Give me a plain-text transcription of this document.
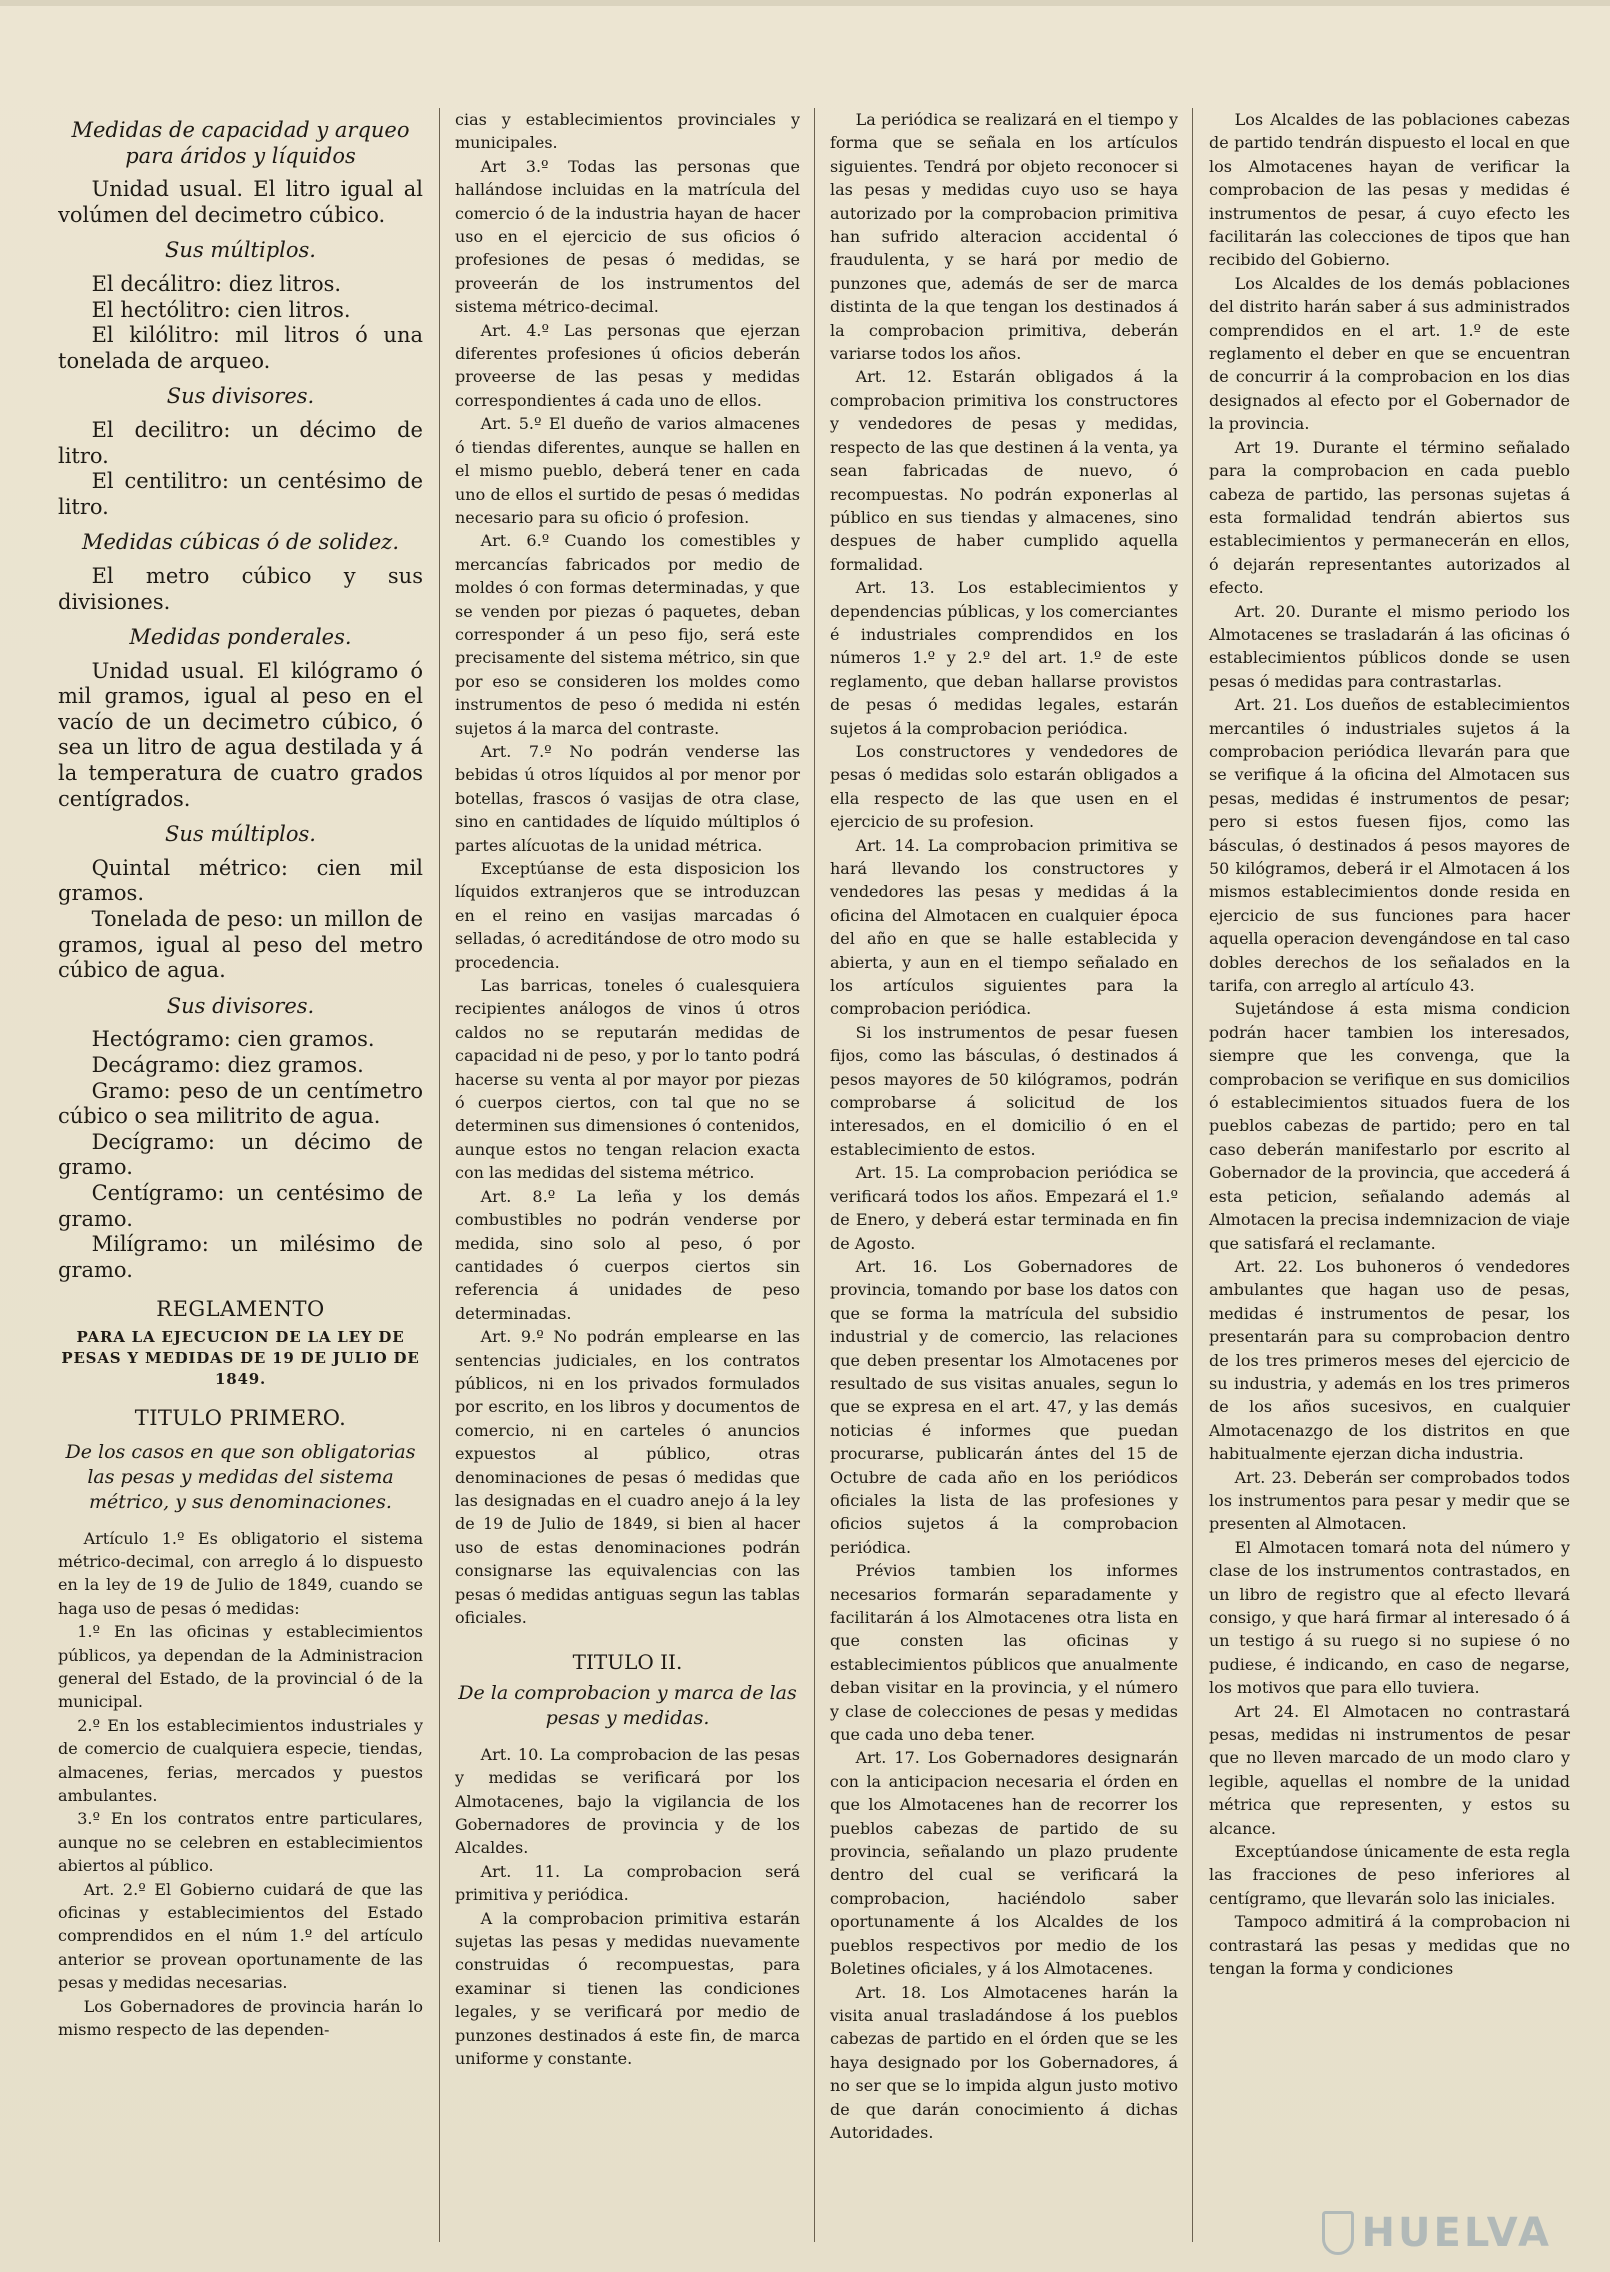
Medidas de capacidad y arqueo para áridos y líquidos

Unidad usual. El litro igual al volúmen del decimetro cúbico.

Sus múltiplos.

El decálitro: diez litros.

El hectólitro: cien litros.

El kilólitro: mil litros ó una tonelada de arqueo.

Sus divisores.

El decilitro: un décimo de litro.

El centilitro: un centésimo de litro.

Medidas cúbicas ó de solidez.

El metro cúbico y sus divisiones.

Medidas ponderales.

Unidad usual. El kilógramo ó mil gramos, igual al peso en el vacío de un decimetro cúbico, ó sea un litro de agua destilada y á la temperatura de cuatro grados centígrados.

Sus múltiplos.

Quintal métrico: cien mil gramos.

Tonelada de peso: un millon de gramos, igual al peso del metro cúbico de agua.

Sus divisores.

Hectógramo: cien gramos.

Decágramo: diez gramos.

Gramo: peso de un centímetro cúbico o sea militrito de agua.

Decígramo: un décimo de gramo.

Centígramo: un centésimo de gramo.

Milígramo: un milésimo de gramo.

REGLAMENTO

PARA LA EJECUCION DE LA LEY DE PESAS Y MEDIDAS DE 19 DE JULIO DE 1849.

TITULO PRIMERO.

De los casos en que son obligatorias las pesas y medidas del sistema métrico, y sus denominaciones.

Artículo 1.º Es obligatorio el sistema métrico-decimal, con arreglo á lo dispuesto en la ley de 19 de Julio de 1849, cuando se haga uso de pesas ó medidas:

1.º En las oficinas y establecimientos públicos, ya dependan de la Administracion general del Estado, de la provincial ó de la municipal.

2.º En los establecimientos industriales y de comercio de cualquiera especie, tiendas, almacenes, ferias, mercados y puestos ambulantes.

3.º En los contratos entre particulares, aunque no se celebren en establecimientos abiertos al público.

Art. 2.º El Gobierno cuidará de que las oficinas y establecimientos del Estado comprendidos en el núm 1.º del artículo anterior se provean oportunamente de las pesas y medidas necesarias.

Los Gobernadores de provincia harán lo mismo respecto de las dependen-

cias y establecimientos provinciales y municipales.

Art 3.º Todas las personas que hallándose incluidas en la matrícula del comercio ó de la industria hayan de hacer uso en el ejercicio de sus oficios ó profesiones de pesas ó medidas, se proveerán de los instrumentos del sistema métrico-decimal.

Art. 4.º Las personas que ejerzan diferentes profesiones ú oficios deberán proveerse de las pesas y medidas correspondientes á cada uno de ellos.

Art. 5.º El dueño de varios almacenes ó tiendas diferentes, aunque se hallen en el mismo pueblo, deberá tener en cada uno de ellos el surtido de pesas ó medidas necesario para su oficio ó profesion.

Art. 6.º Cuando los comestibles y mercancías fabricados por medio de moldes ó con formas determinadas, y que se venden por piezas ó paquetes, deban corresponder á un peso fijo, será este precisamente del sistema métrico, sin que por eso se consideren los moldes como instrumentos de peso ó medida ni estén sujetos á la marca del contraste.

Art. 7.º No podrán venderse las bebidas ú otros líquidos al por menor por botellas, frascos ó vasijas de otra clase, sino en cantidades de líquido múltiplos ó partes alícuotas de la unidad métrica.

Exceptúanse de esta disposicion los líquidos extranjeros que se introduzcan en el reino en vasijas marcadas ó selladas, ó acreditándose de otro modo su procedencia.

Las barricas, toneles ó cualesquiera recipientes análogos de vinos ú otros caldos no se reputarán medidas de capacidad ni de peso, y por lo tanto podrá hacerse su venta al por mayor por piezas ó cuerpos ciertos, con tal que no se determinen sus dimensiones ó contenidos, aunque estos no tengan relacion exacta con las medidas del sistema métrico.

Art. 8.º La leña y los demás combustibles no podrán venderse por medida, sino solo al peso, ó por cantidades ó cuerpos ciertos sin referencia á unidades de peso determinadas.

Art. 9.º No podrán emplearse en las sentencias judiciales, en los contratos públicos, ni en los privados formulados por escrito, en los libros y documentos de comercio, ni en carteles ó anuncios expuestos al público, otras denominaciones de pesas ó medidas que las designadas en el cuadro anejo á la ley de 19 de Julio de 1849, si bien al hacer uso de estas denominaciones podrán consignarse las equivalencias con las pesas ó medidas antiguas segun las tablas oficiales.

TITULO II.

De la comprobacion y marca de las pesas y medidas.

Art. 10. La comprobacion de las pesas y medidas se verificará por los Almotacenes, bajo la vigilancia de los Gobernadores de provincia y de los Alcaldes.

Art. 11. La comprobacion será primitiva y periódica.

A la comprobacion primitiva estarán sujetas las pesas y medidas nuevamente construidas ó recompuestas, para examinar si tienen las condiciones legales, y se verificará por medio de punzones destinados á este fin, de marca uniforme y constante.

La periódica se realizará en el tiempo y forma que se señala en los artículos siguientes. Tendrá por objeto reconocer si las pesas y medidas cuyo uso se haya autorizado por la comprobacion primitiva han sufrido alteracion accidental ó fraudulenta, y se hará por medio de punzones que, además de ser de marca distinta de la que tengan los destinados á la comprobacion primitiva, deberán variarse todos los años.

Art. 12. Estarán obligados á la comprobacion primitiva los constructores y vendedores de pesas y medidas, respecto de las que destinen á la venta, ya sean fabricadas de nuevo, ó recompuestas. No podrán exponerlas al público en sus tiendas y almacenes, sino despues de haber cumplido aquella formalidad.

Art. 13. Los establecimientos y dependencias públicas, y los comerciantes é industriales comprendidos en los números 1.º y 2.º del art. 1.º de este reglamento, que deban hallarse provistos de pesas ó medidas legales, estarán sujetos á la comprobacion periódica.

Los constructores y vendedores de pesas ó medidas solo estarán obligados a ella respecto de las que usen en el ejercicio de su profesion.

Art. 14. La comprobacion primitiva se hará llevando los constructores y vendedores las pesas y medidas á la oficina del Almotacen en cualquier época del año en que se halle establecida y abierta, y aun en el tiempo señalado en los artículos siguientes para la comprobacion periódica.

Si los instrumentos de pesar fuesen fijos, como las básculas, ó destinados á pesos mayores de 50 kilógramos, podrán comprobarse á solicitud de los interesados, en el domicilio ó en el establecimiento de estos.

Art. 15. La comprobacion periódica se verificará todos los años. Empezará el 1.º de Enero, y deberá estar terminada en fin de Agosto.

Art. 16. Los Gobernadores de provincia, tomando por base los datos con que se forma la matrícula del subsidio industrial y de comercio, las relaciones que deben presentar los Almotacenes por resultado de sus visitas anuales, segun lo que se expresa en el art. 47, y las demás noticias é informes que puedan procurarse, publicarán ántes del 15 de Octubre de cada año en los periódicos oficiales la lista de las profesiones y oficios sujetos á la comprobacion periódica.

Prévios tambien los informes necesarios formarán separadamente y facilitarán á los Almotacenes otra lista en que consten las oficinas y establecimientos públicos que anualmente deban visitar en la provincia, y el número y clase de colecciones de pesas y medidas que cada uno deba tener.

Art. 17. Los Gobernadores designarán con la anticipacion necesaria el órden en que los Almotacenes han de recorrer los pueblos cabezas de partido de su provincia, señalando un plazo prudente dentro del cual se verificará la comprobacion, haciéndolo saber oportunamente á los Alcaldes de los pueblos respectivos por medio de los Boletines oficiales, y á los Almotacenes.

Art. 18. Los Almotacenes harán la visita anual trasladándose á los pueblos cabezas de partido en el órden que se les haya designado por los Gobernadores, á no ser que se lo impida algun justo motivo de que darán conocimiento á dichas Autoridades.

Los Alcaldes de las poblaciones cabezas de partido tendrán dispuesto el local en que los Almotacenes hayan de verificar la comprobacion de las pesas y medidas é instrumentos de pesar, á cuyo efecto les facilitarán las colecciones de tipos que han recibido del Gobierno.

Los Alcaldes de los demás poblaciones del distrito harán saber á sus administrados comprendidos en el art. 1.º de este reglamento el deber en que se encuentran de concurrir á la comprobacion en los dias designados al efecto por el Gobernador de la provincia.

Art 19. Durante el término señalado para la comprobacion en cada pueblo cabeza de partido, las personas sujetas á esta formalidad tendrán abiertos sus establecimientos y permanecerán en ellos, ó dejarán representantes autorizados al efecto.

Art. 20. Durante el mismo periodo los Almotacenes se trasladarán á las oficinas ó establecimientos públicos donde se usen pesas ó medidas para contrastarlas.

Art. 21. Los dueños de establecimientos mercantiles ó industriales sujetos á la comprobacion periódica llevarán para que se verifique á la oficina del Almotacen sus pesas, medidas é instrumentos de pesar; pero si estos fuesen fijos, como las básculas, ó destinados á pesos mayores de 50 kilógramos, deberá ir el Almotacen á los mismos establecimientos donde resida en ejercicio de sus funciones para hacer aquella operacion devengándose en tal caso dobles derechos de los señalados en la tarifa, con arreglo al artículo 43.

Sujetándose á esta misma condicion podrán hacer tambien los interesados, siempre que les convenga, que la comprobacion se verifique en sus domicilios ó establecimientos situados fuera de los pueblos cabezas de partido; pero en tal caso deberán manifestarlo por escrito al Gobernador de la provincia, que accederá á esta peticion, señalando además al Almotacen la precisa indemnizacion de viaje que satisfará el reclamante.

Art. 22. Los buhoneros ó vendedores ambulantes que hagan uso de pesas, medidas é instrumentos de pesar, los presentarán para su comprobacion dentro de los tres primeros meses del ejercicio de su industria, y además en los tres primeros de los años sucesivos, en cualquier Almotacenazgo de los distritos en que habitualmente ejerzan dicha industria.

Art. 23. Deberán ser comprobados todos los instrumentos para pesar y medir que se presenten al Almotacen.

El Almotacen tomará nota del número y clase de los instrumentos contrastados, en un libro de registro que al efecto llevará consigo, y que hará firmar al interesado ó á un testigo á su ruego si no supiese ó no pudiese, é indicando, en caso de negarse, los motivos que para ello tuviera.

Art 24. El Almotacen no contrastará pesas, medidas ni instrumentos de pesar que no lleven marcado de un modo claro y legible, aquellas el nombre de la unidad métrica que representen, y estos su alcance.

Exceptúandose únicamente de esta regla las fracciones de peso inferiores al centígramo, que llevarán solo las iniciales.

Tampoco admitirá á la comprobacion ni contrastará las pesas y medidas que no tengan la forma y condiciones

HUELVA
